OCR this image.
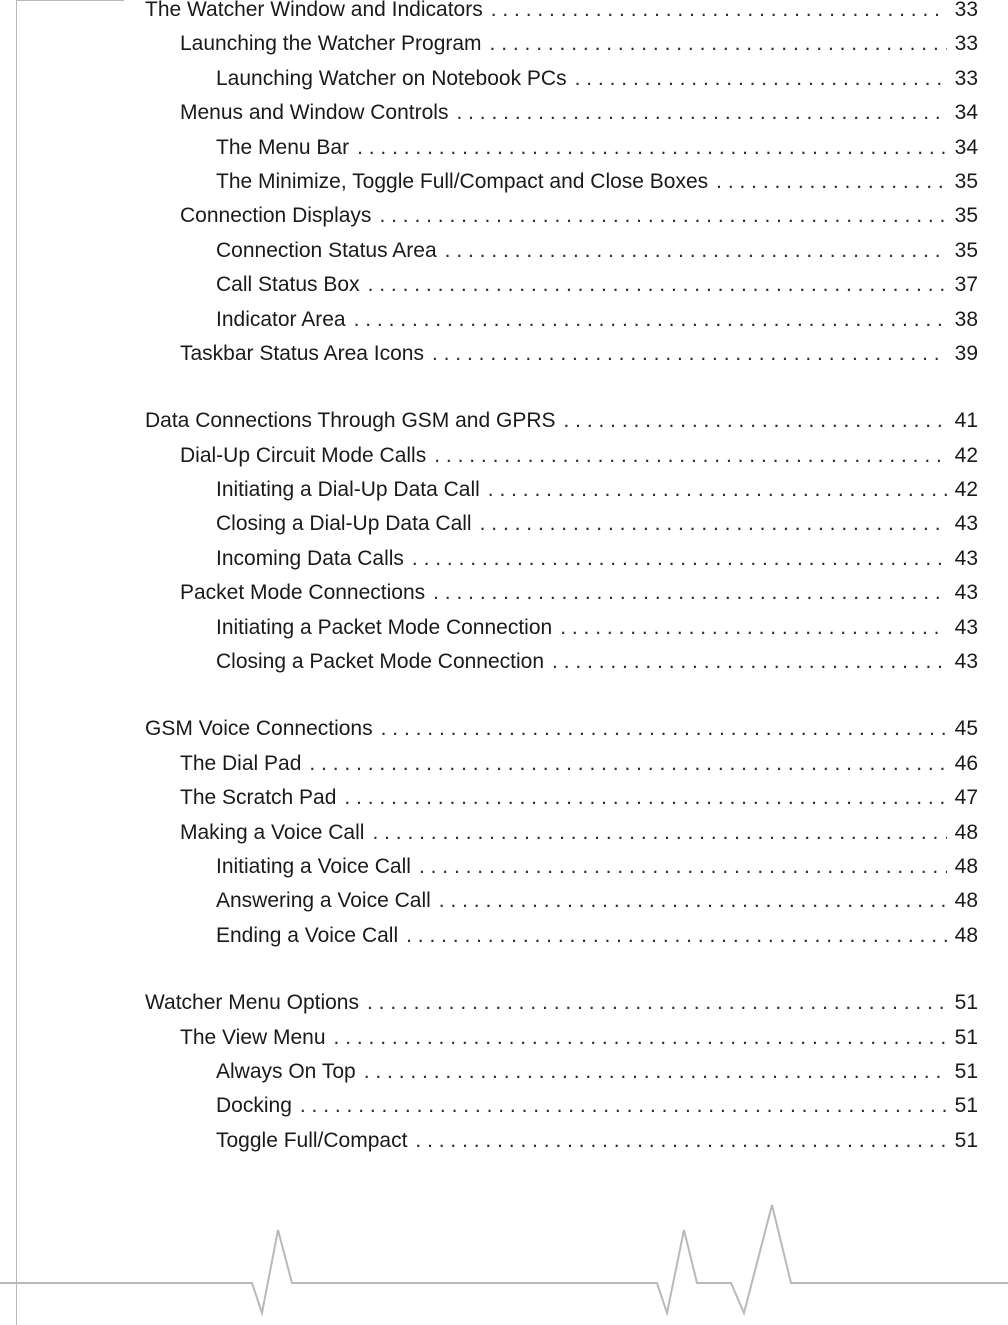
The Watcher Window and Indicators . . .	33
Launching the Watcher Program . . .	33
Launching Watcher on Notebook PCs . . .	33
Menus and Window Controls . . .	34
The Menu Bar . . .	34
The Minimize, Toggle Full/Compact and Close Boxes . . .	35
Connection Displays . . .	35
Connection Status Area . . .	35
Call Status Box . . .	37
Indicator Area . . .	38
Taskbar Status Area Icons . . .	39
Data Connections Through GSM and GPRS . . .	41
Dial-Up Circuit Mode Calls . . .	42
Initiating a Dial-Up Data Call . . .	42
Closing a Dial-Up Data Call . . .	43
Incoming Data Calls . . .	43
Packet Mode Connections . . .	43
Initiating a Packet Mode Connection . . .	43
Closing a Packet Mode Connection . . .	43
GSM Voice Connections . . .	45
The Dial Pad . . .	46
The Scratch Pad . . .	47
Making a Voice Call . . .	48
Initiating a Voice Call . . .	48
Answering a Voice Call . . .	48
Ending a Voice Call . . .	48
Watcher Menu Options . . .	51
The View Menu . . .	51
Always On Top . . .	51
Docking . . .	51
Toggle Full/Compact . . .	51
